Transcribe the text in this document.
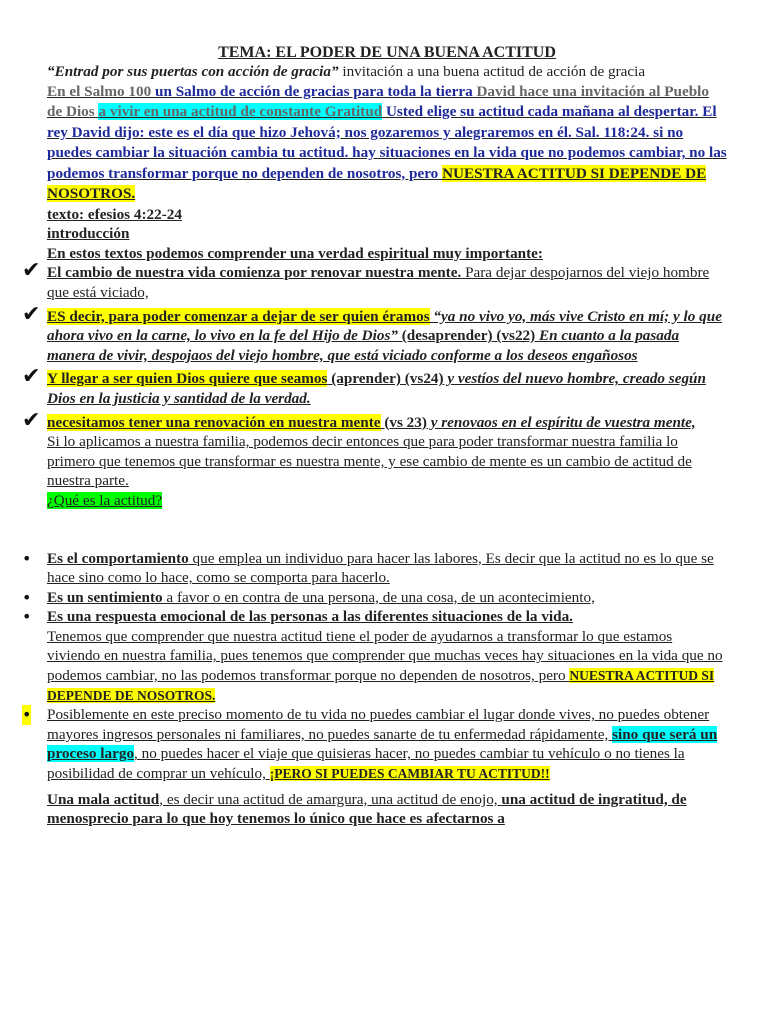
TEMA: EL PODER DE UNA BUENA ACTITUD

“Entrad por sus puertas con acción de gracia” invitación a una buena actitud de acción de gracia

En el Salmo 100 un Salmo de acción de gracias para toda la tierra David hace una invitación al Pueblo de Dios a vivir en una actitud de constante Gratitud Usted elige su actitud cada mañana al despertar. El rey David dijo: este es el día que hizo Jehová; nos gozaremos y alegraremos en él. Sal. 118:24. si no puedes cambiar la situación cambia tu actitud. hay situaciones en la vida que no podemos cambiar, no las podemos transformar porque no dependen de nosotros, pero NUESTRA ACTITUD SI DEPENDE DE NOSOTROS.

texto: efesios 4:22-24

introducción

En estos textos podemos comprender una verdad espiritual muy importante:

✔ El cambio de nuestra vida comienza por renovar nuestra mente. Para dejar despojarnos del viejo hombre que está viciado,

✔ ES decir, para poder comenzar a dejar de ser quien éramos “ya no vivo yo, más vive Cristo en mí; y lo que ahora vivo en la carne, lo vivo en la fe del Hijo de Dios” (desaprender) (vs22) En cuanto a la pasada manera de vivir, despojaos del viejo hombre, que está viciado conforme a los deseos engañosos

✔ Y llegar a ser quien Dios quiere que seamos (aprender) (vs24) y vestíos del nuevo hombre, creado según Dios en la justicia y santidad de la verdad.

✔ necesitamos tener una renovación en nuestra mente (vs 23) y renovaos en el espíritu de vuestra mente,

Si lo aplicamos a nuestra familia, podemos decir entonces que para poder transformar nuestra familia lo primero que tenemos que transformar es nuestra mente, y ese cambio de mente es un cambio de actitud de nuestra parte.

¿Qué es la actitud?

• Es el comportamiento que emplea un individuo para hacer las labores, Es decir que la actitud no es lo que se hace sino como lo hace, como se comporta para hacerlo.

• Es un sentimiento a favor o en contra de una persona, de una cosa, de un acontecimiento,

• Es una respuesta emocional de las personas a las diferentes situaciones de la vida.

Tenemos que comprender que nuestra actitud tiene el poder de ayudarnos a transformar lo que estamos viviendo en nuestra familia, pues tenemos que comprender que muchas veces hay situaciones en la vida que no podemos cambiar, no las podemos transformar porque no dependen de nosotros, pero NUESTRA ACTITUD SI DEPENDE DE NOSOTROS.

• Posiblemente en este preciso momento de tu vida no puedes cambiar el lugar donde vives, no puedes obtener mayores ingresos personales ni familiares, no puedes sanarte de tu enfermedad rápidamente, sino que será un proceso largo, no puedes hacer el viaje que quisieras hacer, no puedes cambiar tu vehículo o no tienes la posibilidad de comprar un vehículo, ¡PERO SI PUEDES CAMBIAR TU ACTITUD!!

Una mala actitud, es decir una actitud de amargura, una actitud de enojo, una actitud de ingratitud, de menosprecio para lo que hoy tenemos lo único que hace es afectarnos a
